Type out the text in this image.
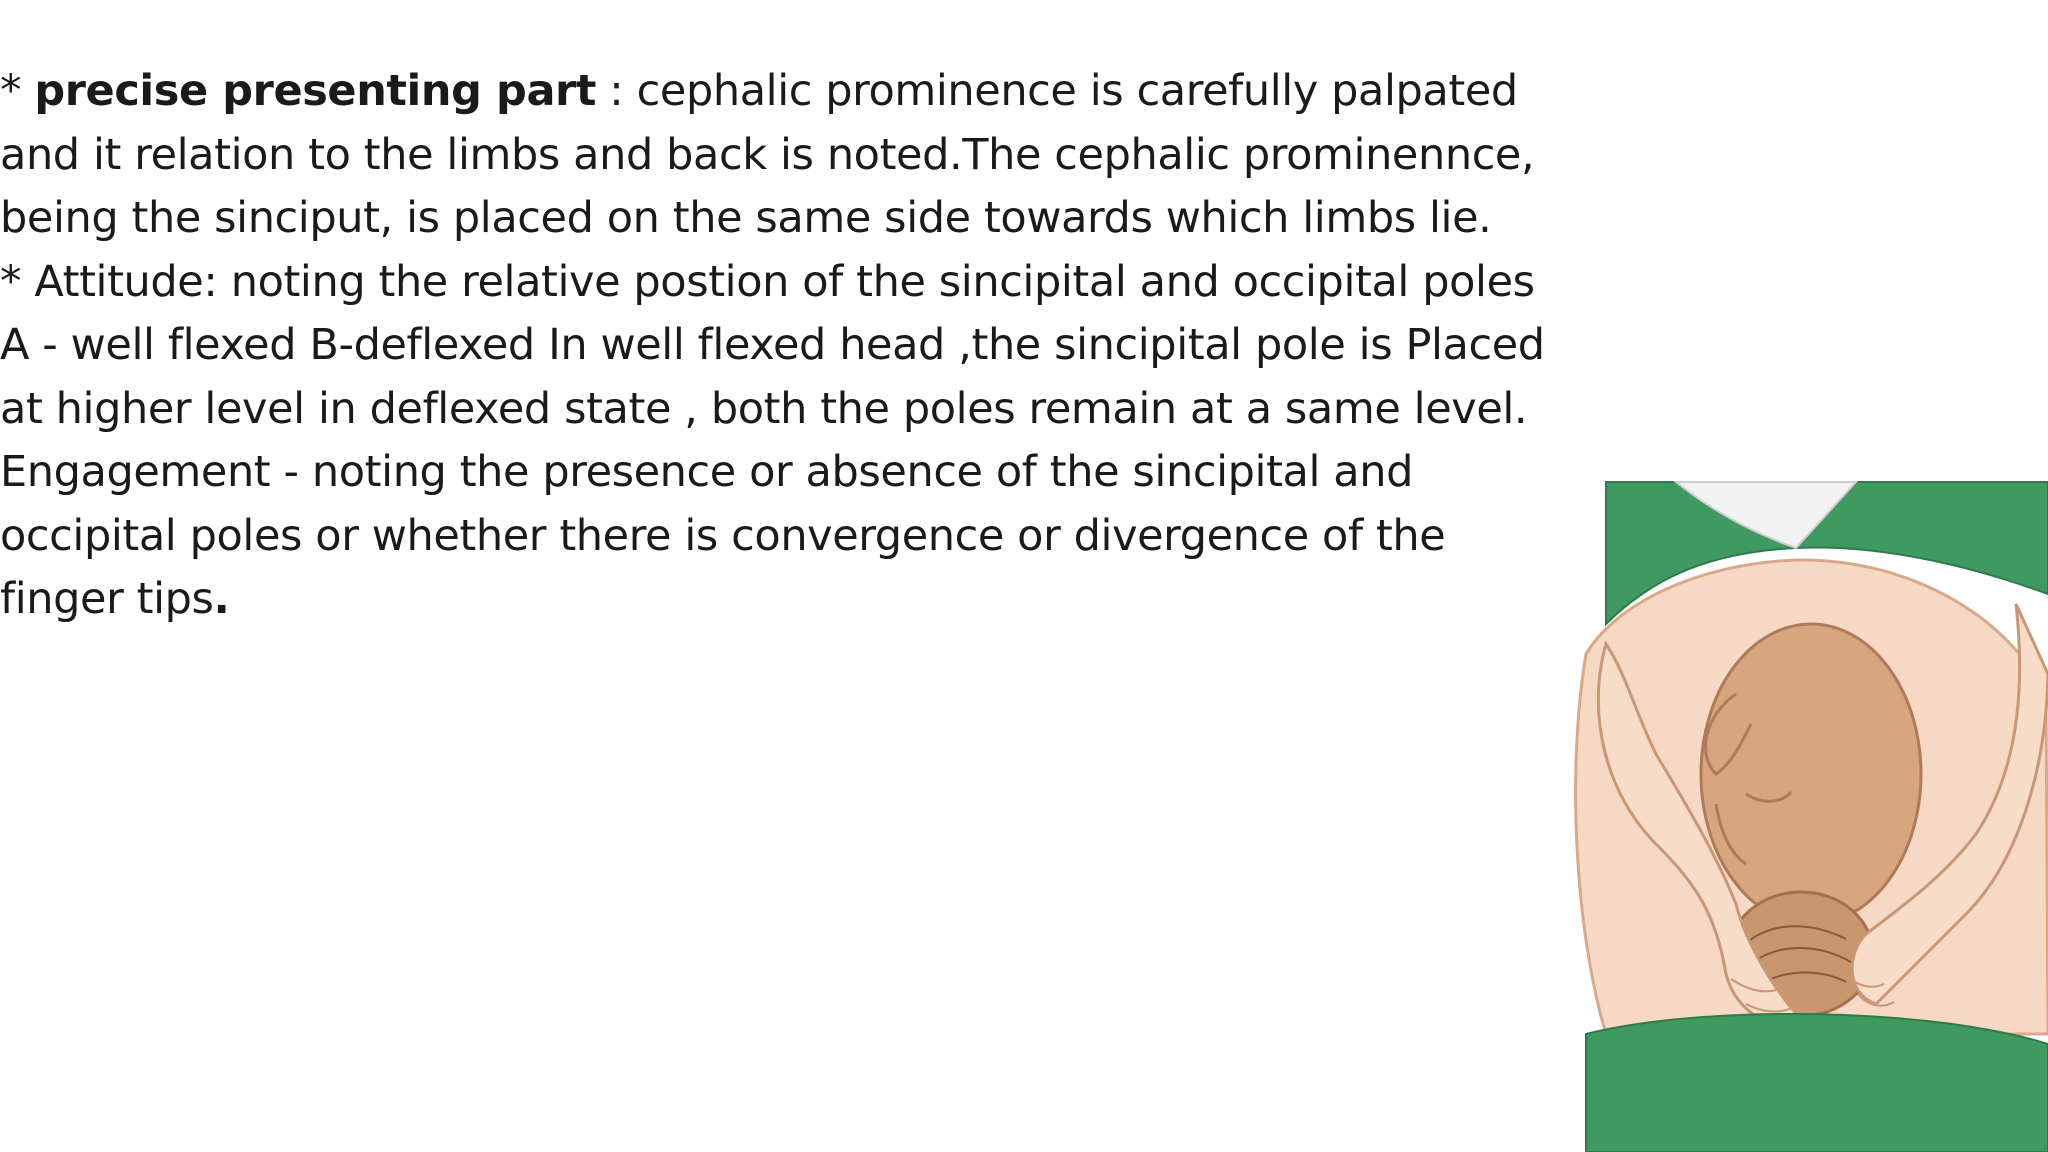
* precise presenting part : cephalic prominence is carefully palpated and it relation to the limbs and back is noted.The cephalic prominennce, being the sinciput, is placed on the same side towards which limbs lie.

* Attitude: noting the relative postion of the sincipital and occipital poles A - well flexed B-deflexed In well flexed head ,the sincipital pole is Placed at higher level in deflexed state , both the poles remain at a same level.

Engagement - noting the presence or absence of the sincipital and occipital poles or whether there is convergence or divergence of the finger tips.
